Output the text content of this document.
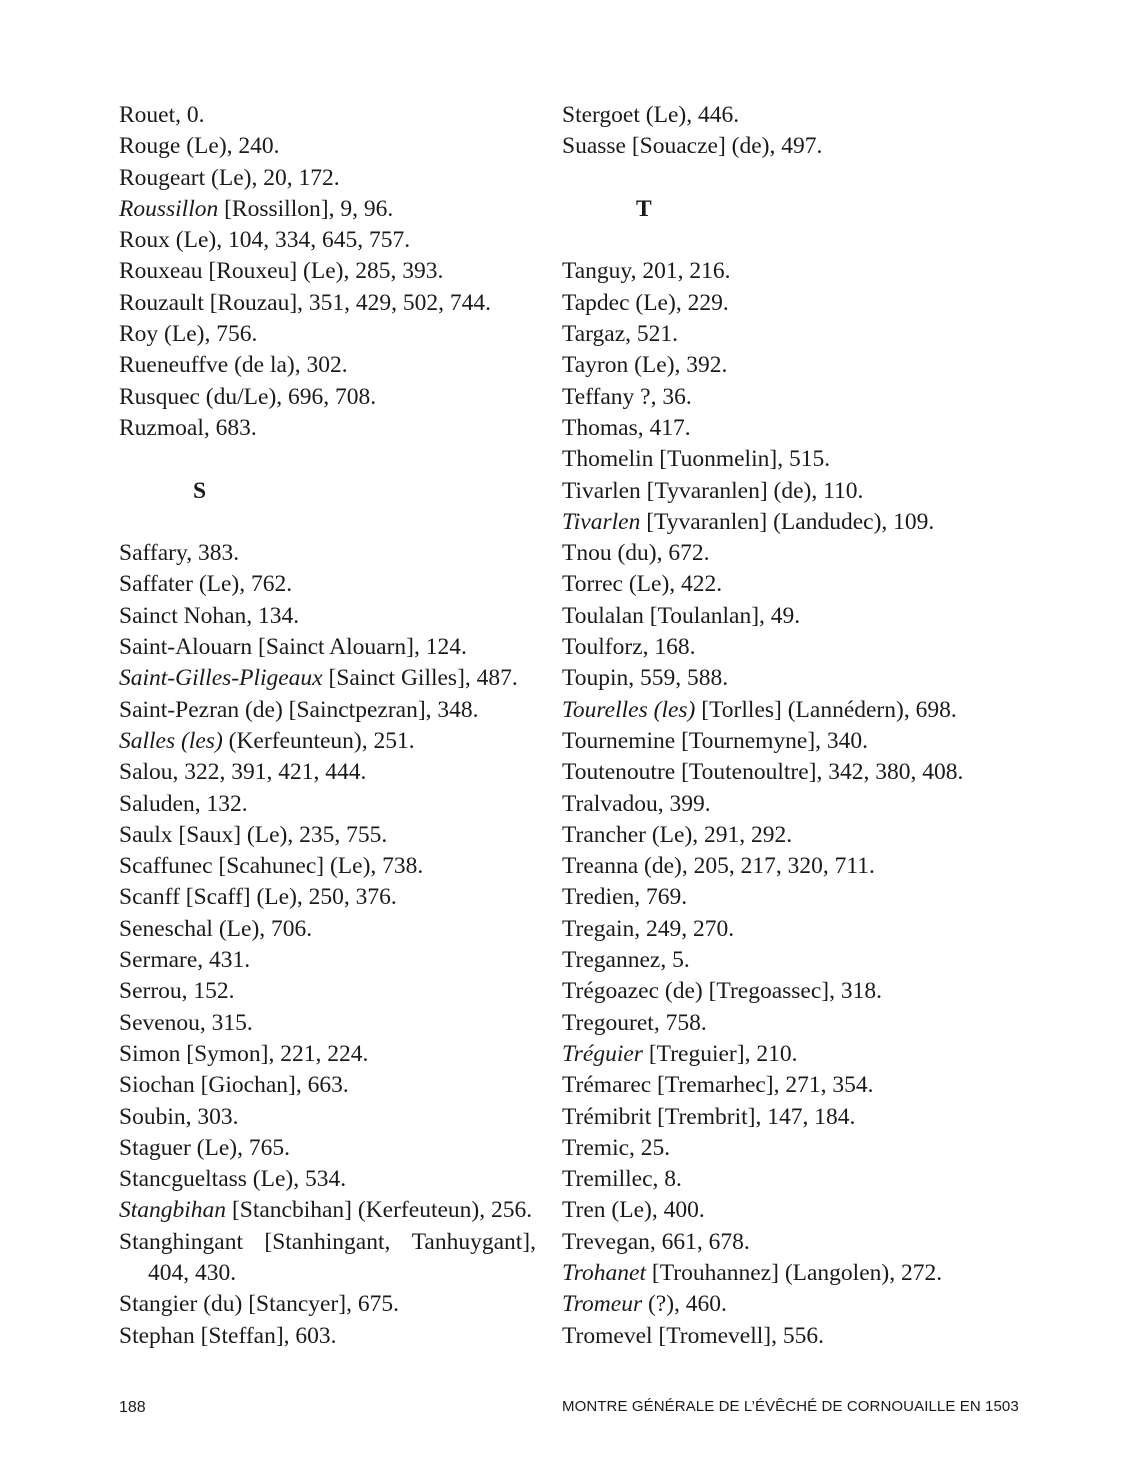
Rouet, 0.
Rouge (Le), 240.
Rougeart (Le), 20, 172.
Roussillon [Rossillon], 9, 96.
Roux (Le), 104, 334, 645, 757.
Rouxeau [Rouxeu] (Le), 285, 393.
Rouzault [Rouzau], 351, 429, 502, 744.
Roy (Le), 756.
Rueneuffve (de la), 302.
Rusquec (du/Le), 696, 708.
Ruzmoal, 683.
S
Saffary, 383.
Saffater (Le), 762.
Sainct Nohan, 134.
Saint-Alouarn [Sainct Alouarn], 124.
Saint-Gilles-Pligeaux [Sainct Gilles], 487.
Saint-Pezran (de) [Sainctpezran], 348.
Salles (les) (Kerfeunteun), 251.
Salou, 322, 391, 421, 444.
Saluden, 132.
Saulx [Saux] (Le), 235, 755.
Scaffunec [Scahunec] (Le), 738.
Scanff [Scaff] (Le), 250, 376.
Seneschal (Le), 706.
Sermare, 431.
Serrou, 152.
Sevenou, 315.
Simon [Symon], 221, 224.
Siochan [Giochan], 663.
Soubin, 303.
Staguer (Le), 765.
Stancgueltass (Le), 534.
Stangbihan [Stancbihan] (Kerfeuteun), 256.
Stanghingant [Stanhingant, Tanhuygant],
404, 430.
Stangier (du) [Stancyer], 675.
Stephan [Steffan], 603.
Stergoet (Le), 446.
Suasse [Souacze] (de), 497.
T
Tanguy, 201, 216.
Tapdec (Le), 229.
Targaz, 521.
Tayron (Le), 392.
Teffany ?, 36.
Thomas, 417.
Thomelin [Tuonmelin], 515.
Tivarlen [Tyvaranlen] (de), 110.
Tivarlen [Tyvaranlen] (Landudec), 109.
Tnou (du), 672.
Torrec (Le), 422.
Toulalan [Toulanlan], 49.
Toulforz, 168.
Toupin, 559, 588.
Tourelles (les) [Torlles] (Lannédern), 698.
Tournemine [Tournemyne], 340.
Toutenoutre [Toutenoultre], 342, 380, 408.
Tralvadou, 399.
Trancher (Le), 291, 292.
Treanna (de), 205, 217, 320, 711.
Tredien, 769.
Tregain, 249, 270.
Tregannez, 5.
Trégoazec (de) [Tregoassec], 318.
Tregouret, 758.
Tréguier [Treguier], 210.
Trémarec [Tremarhec], 271, 354.
Trémibrit [Trembrit], 147, 184.
Tremic, 25.
Tremillec, 8.
Tren (Le), 400.
Trevegan, 661, 678.
Trohanet [Trouhannez] (Langolen), 272.
Tromeur (?), 460.
Tromevel [Tromevell], 556.
188	MONTRE GÉNÉRALE DE L’ÉVÊCHÉ DE CORNOUAILLE EN 1503
